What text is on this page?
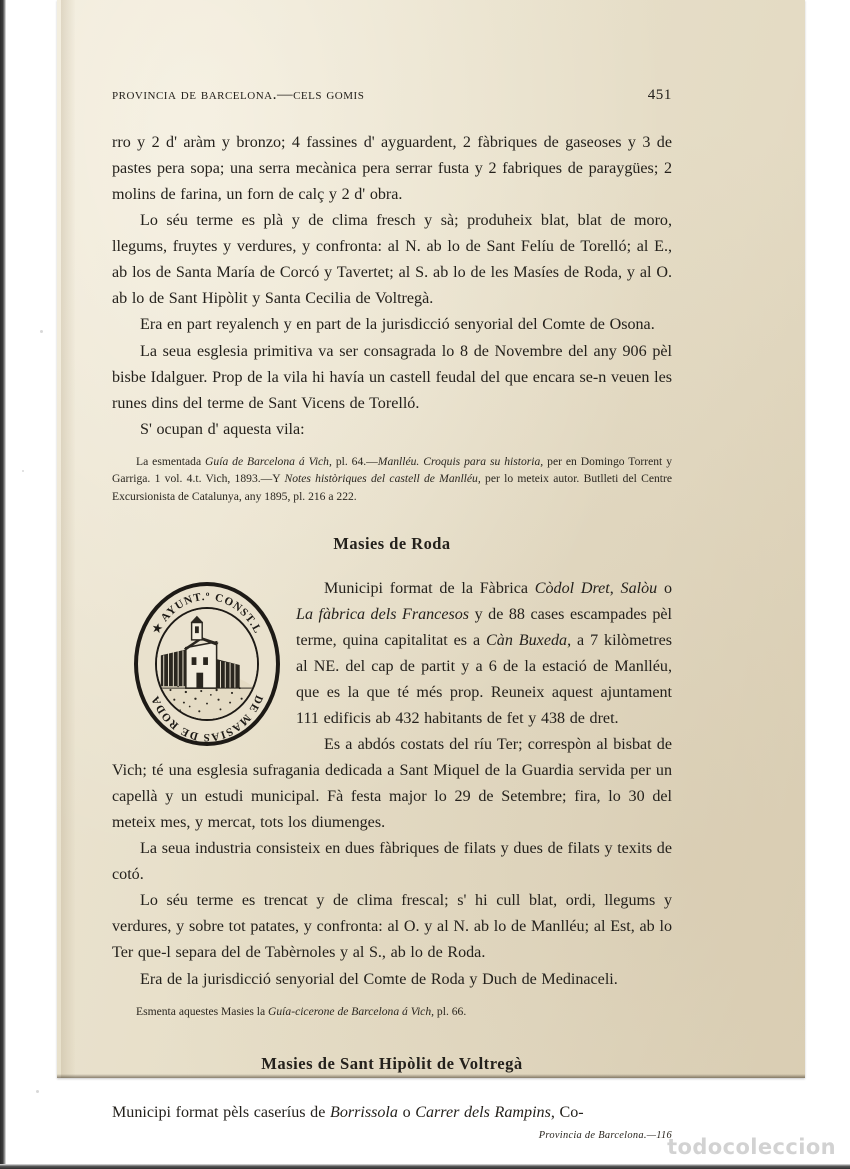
provincia de barcelona.—cels gomis	451

rro y 2 d' aràm y bronzo; 4 fassines d' ayguardent, 2 fàbriques de gaseoses y 3 de pastes pera sopa; una serra mecànica pera serrar fusta y 2 fabriques de paraygües; 2 molins de farina, un forn de calç y 2 d' obra.

Lo séu terme es plà y de clima fresch y sà; produheix blat, blat de moro, llegums, fruytes y verdures, y confronta: al N. ab lo de Sant Felíu de Torelló; al E., ab los de Santa María de Corcó y Tavertet; al S. ab lo de les Masíes de Roda, y al O. ab lo de Sant Hipòlit y Santa Cecilia de Voltregà.

Era en part reyalench y en part de la jurisdicció senyorial del Comte de Osona.

La seua esglesia primitiva va ser consagrada lo 8 de Novembre del any 906 pèl bisbe Idalguer. Prop de la vila hi havía un castell feudal del que encara se-n veuen les runes dins del terme de Sant Vicens de Torelló.

S' ocupan d' aquesta vila:

La esmentada Guía de Barcelona á Vich, pl. 64.—Manlléu. Croquis para su historia, per en Domingo Torrent y Garriga. 1 vol. 4.t. Vich, 1893.—Y Notes històriques del castell de Manlléu, per lo meteix autor. Butlleti del Centre Excursionista de Catalunya, any 1895, pl. 216 a 222.

Masies de Roda
★ AYUNT.º CONST.L
DE MASIAS DE RODA

Municipi format de la Fàbrica Còdol Dret, Salòu o La fàbrica dels Francesos y de 88 cases escampades pèl terme, quina capitalitat es a Càn Buxeda, a 7 kilòmetres al NE. del cap de partit y a 6 de la estació de Manlléu, que es la que té més prop. Reuneix aquest ajuntament 111 edificis ab 432 habitants de fet y 438 de dret.

Es a abdós costats del ríu Ter; correspòn al bisbat de Vich; té una esglesia sufragania dedicada a Sant Miquel de la Guardia servida per un capellà y un estudi municipal. Fà festa major lo 29 de Setembre; fira, lo 30 del meteix mes, y mercat, tots los diumenges.

La seua industria consisteix en dues fàbriques de filats y dues de filats y texits de cotó.

Lo séu terme es trencat y de clima frescal; s' hi cull blat, ordi, llegums y verdures, y sobre tot patates, y confronta: al O. y al N. ab lo de Manlléu; al Est, ab lo Ter que-l separa del de Tabèrnoles y al S., ab lo de Roda.

Era de la jurisdicció senyorial del Comte de Roda y Duch de Medinaceli.

Esmenta aquestes Masies la Guía-cicerone de Barcelona á Vich, pl. 66.

Masies de Sant Hipòlit de Voltregà

Municipi format pèls caseríus de Borrissola o Carrer dels Rampins, Co-

Provincia de Barcelona.—116

todocoleccion
